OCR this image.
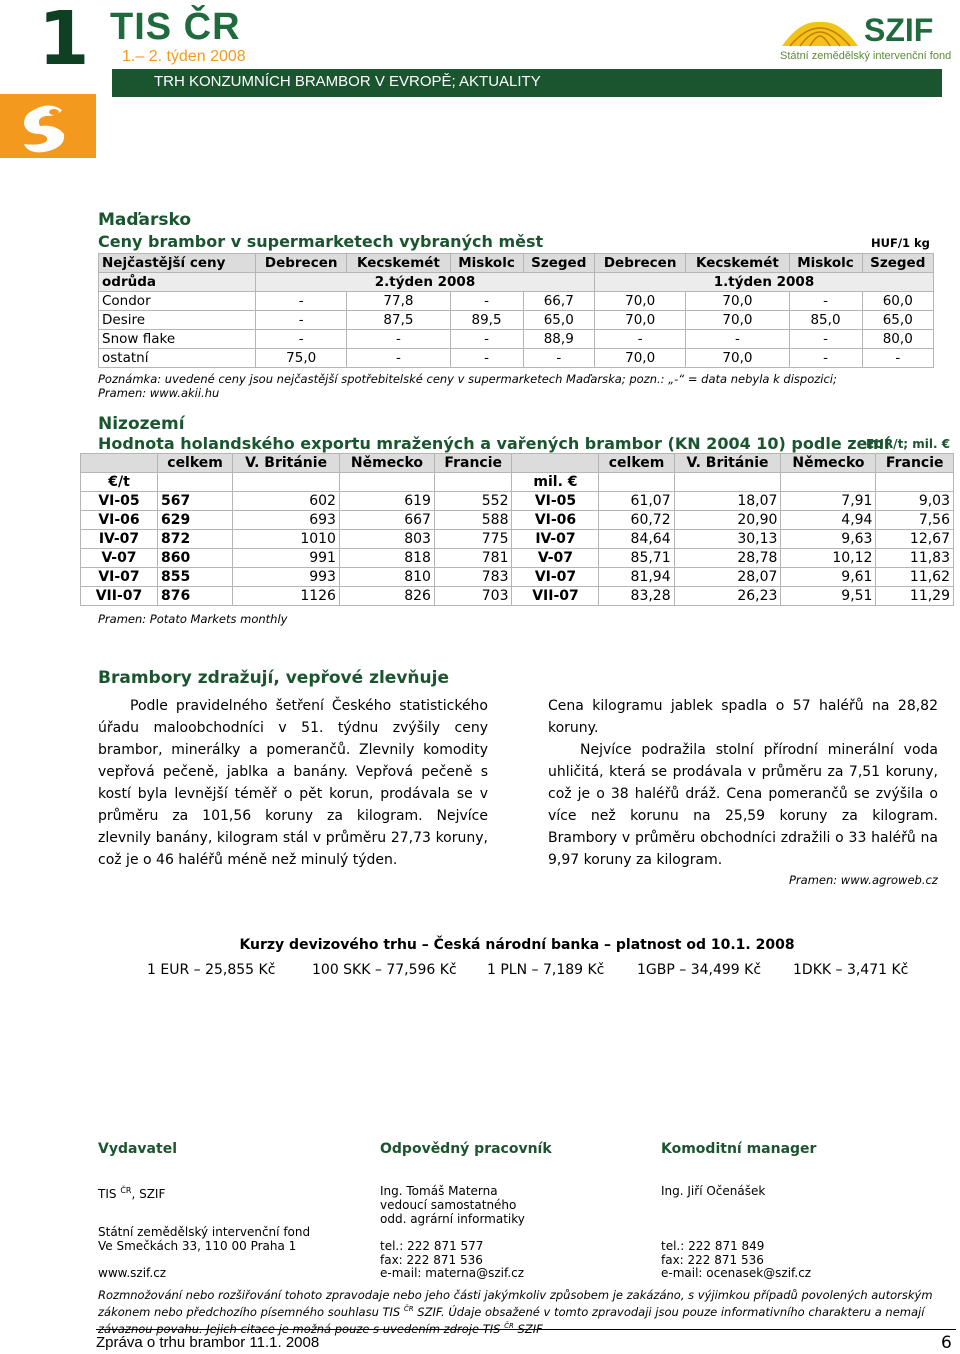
1 TIS ČR
1.– 2. týden 2008
TRH KONZUMNÍCH BRAMBOR V EVROPĚ; AKTUALITY
SZIF
Státní zemědělský intervenční fond
Maďarsko
Ceny brambor v supermarketech vybraných měst	HUF/1 kg
Nejčastější ceny	Debrecen	Kecskemét	Miskolc	Szeged	Debrecen	Kecskemét	Miskolc	Szeged
odrůda	2.týden 2008				1.týden 2008			
Condor	-	77,8	-	66,7	70,0	70,0	-	60,0
Desire	-	87,5	89,5	65,0	70,0	70,0	85,0	65,0
Snow flake	-	-	-	88,9	-	-	-	80,0
ostatní	75,0	-	-	-	70,0	70,0	-	-
Poznámka: uvedené ceny jsou nejčastější spotřebitelské ceny v supermarketech Maďarska; pozn.: „-“ = data nebyla k dispozici;
Pramen: www.akii.hu
Nizozemí
Hodnota holandského exportu mražených a vařených brambor (KN 2004 10) podle zemí
EUR/t; mil. €
	celkem	V. Británie	Německo	Francie		celkem	V. Británie	Německo	Francie
€/t					mil. €				
VI-05	567	602	619	552	VI-05	61,07	18,07	7,91	9,03
VI-06	629	693	667	588	VI-06	60,72	20,90	4,94	7,56
IV-07	872	1010	803	775	IV-07	84,64	30,13	9,63	12,67
V-07	860	991	818	781	V-07	85,71	28,78	10,12	11,83
VI-07	855	993	810	783	VI-07	81,94	28,07	9,61	11,62
VII-07	876	1126	826	703	VII-07	83,28	26,23	9,51	11,29
Pramen: Potato Markets monthly
Brambory zdražují, vepřové zlevňuje
Podle pravidelného šetření Českého statistického úřadu maloobchodníci v 51. týdnu zvýšily ceny brambor, minerálky a pomerančů. Zlevnily komodity vepřová pečeně, jablka a banány. Vepřová pečeně s kostí byla levnější téměř o pět korun, prodávala se v průměru za 101,56 koruny za kilogram. Nejvíce zlevnily banány, kilogram stál v průměru 27,73 koruny, což je o 46 haléřů méně než minulý týden.
Cena kilogramu jablek spadla o 57 haléřů na 28,82 koruny.
Nejvíce podražila stolní přírodní minerální voda uhličitá, která se prodávala v průměru za 7,51 koruny, což je o 38 haléřů dráž. Cena pomerančů se zvýšila o více než korunu na 25,59 koruny za kilogram. Brambory v průměru obchodníci zdražili o 33 haléřů na 9,97 koruny za kilogram.
Pramen: www.agroweb.cz
Kurzy devizového trhu – Česká národní banka – platnost od 10.1. 2008
1 EUR – 25,855 Kč	100 SKK – 77,596 Kč 1 PLN – 7,189 Kč 1GBP – 34,499 Kč 1DKK – 3,471 Kč
Vydavatel	Odpovědný pracovník	Komoditní manager
TIS $^{ČR}$, SZIF
Státní zemědělský intervenční fond
Ve Smečkách 33, 110 00 Praha 1
www.szif.cz
Ing. Tomáš Materna
vedoucí samostatného
odd. agrární informatiky
tel.: 222 871 577
fax: 222 871 536
e-mail: materna@szif.cz
Ing. Jiří Očenášek
tel.: 222 871 849
fax: 222 871 536
e-mail: ocenasek@szif.cz
Rozmnožování nebo rozšiřování tohoto zpravodaje nebo jeho části jakýmkoliv způsobem je zakázáno, s výjimkou případů povolených autorským zákonem nebo předchozího písemného souhlasu TIS $^{ČR}$ SZIF. Údaje obsažené v tomto zpravodaji jsou pouze informativního charakteru a nemají závaznou povahu. Jejich citace je možná pouze s uvedením zdroje TIS $^{ČR}$ SZIF
Zpráva o trhu brambor 11.1. 2008	6
